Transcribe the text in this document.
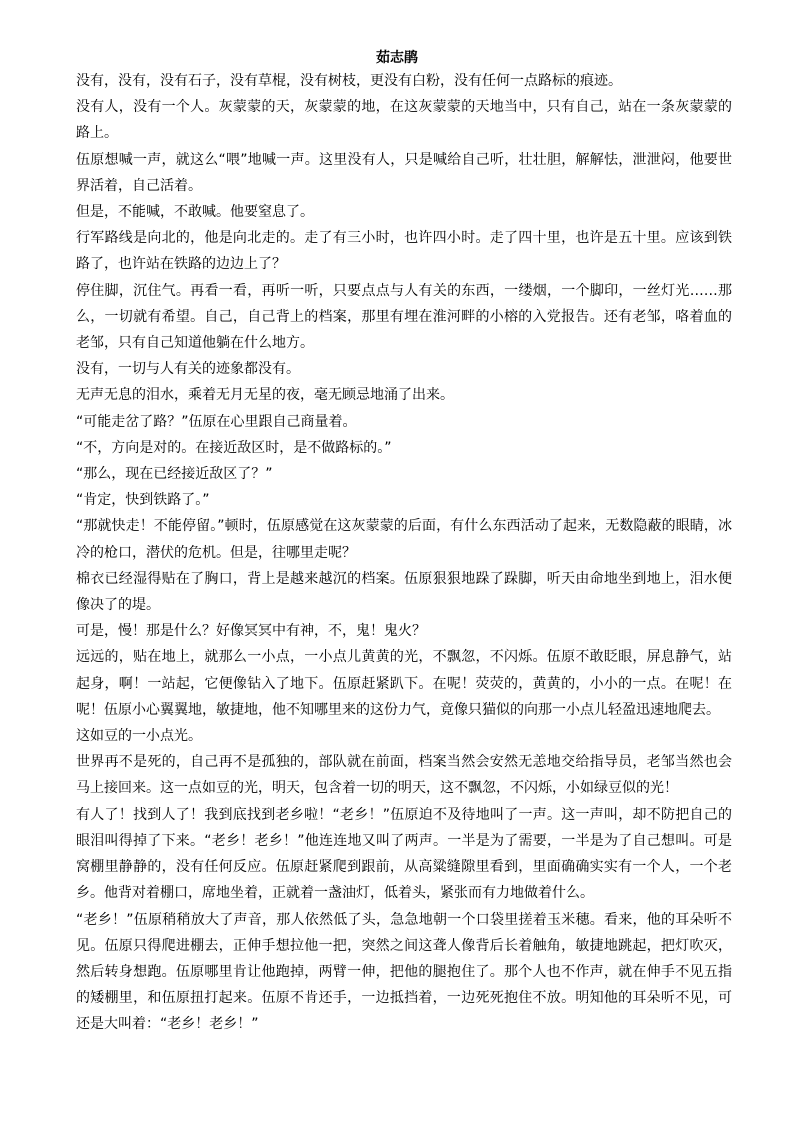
茹志鹃

没有，没有，没有石子，没有草棍，没有树枝，更没有白粉，没有任何一点路标的痕迹。

没有人，没有一个人。灰蒙蒙的天，灰蒙蒙的地，在这灰蒙蒙的天地当中，只有自己，站在一条灰蒙蒙的路上。

伍原想喊一声，就这么“喂”地喊一声。这里没有人，只是喊给自己听，壮壮胆，解解怯，泄泄闷，他要世界活着，自己活着。

但是，不能喊，不敢喊。他要窒息了。

行军路线是向北的，他是向北走的。走了有三小时，也许四小时。走了四十里，也许是五十里。应该到铁路了，也许站在铁路的边边上了？

停住脚，沉住气。再看一看，再听一听，只要点点与人有关的东西，一缕烟，一个脚印，一丝灯光……那么，一切就有希望。自己，自己背上的档案，那里有埋在淮河畔的小榕的入党报告。还有老邹，咯着血的老邹，只有自己知道他躺在什么地方。

没有，一切与人有关的迹象都没有。

无声无息的泪水，乘着无月无星的夜，毫无顾忌地涌了出来。

“可能走岔了路？”伍原在心里跟自己商量着。

“不，方向是对的。在接近敌区时，是不做路标的。”

“那么，现在已经接近敌区了？”

“肯定，快到铁路了。”

“那就快走！不能停留。”顿时，伍原感觉在这灰蒙蒙的后面，有什么东西活动了起来，无数隐蔽的眼睛，冰冷的枪口，潜伏的危机。但是，往哪里走呢？

棉衣已经湿得贴在了胸口，背上是越来越沉的档案。伍原狠狠地跺了跺脚，听天由命地坐到地上，泪水便像决了的堤。

可是，慢！那是什么？好像冥冥中有神，不，鬼！鬼火？

远远的，贴在地上，就那么一小点，一小点儿黄黄的光，不飘忽，不闪烁。伍原不敢眨眼，屏息静气，站起身，啊！一站起，它便像钻入了地下。伍原赶紧趴下。在呢！荧荧的，黄黄的，小小的一点。在呢！在呢！伍原小心翼翼地，敏捷地，他不知哪里来的这份力气，竟像只猫似的向那一小点儿轻盈迅速地爬去。

这如豆的一小点光。

世界再不是死的，自己再不是孤独的，部队就在前面，档案当然会安然无恙地交给指导员，老邹当然也会马上接回来。这一点如豆的光，明天，包含着一切的明天，这不飘忽，不闪烁，小如绿豆似的光！

有人了！找到人了！我到底找到老乡啦！“老乡！”伍原迫不及待地叫了一声。这一声叫，却不防把自己的眼泪叫得掉了下来。“老乡！老乡！”他连连地又叫了两声。一半是为了需要，一半是为了自己想叫。可是窝棚里静静的，没有任何反应。伍原赶紧爬到跟前，从高粱缝隙里看到，里面确确实实有一个人，一个老乡。他背对着棚口，席地坐着，正就着一盏油灯，低着头，紧张而有力地做着什么。

“老乡！”伍原稍稍放大了声音，那人依然低了头，急急地朝一个口袋里搓着玉米穗。看来，他的耳朵听不见。伍原只得爬进棚去，正伸手想拉他一把，突然之间这聋人像背后长着触角，敏捷地跳起，把灯吹灭，然后转身想跑。伍原哪里肯让他跑掉，两臂一伸，把他的腿抱住了。那个人也不作声，就在伸手不见五指的矮棚里，和伍原扭打起来。伍原不肯还手，一边抵挡着，一边死死抱住不放。明知他的耳朵听不见，可还是大叫着：“老乡！老乡！”
